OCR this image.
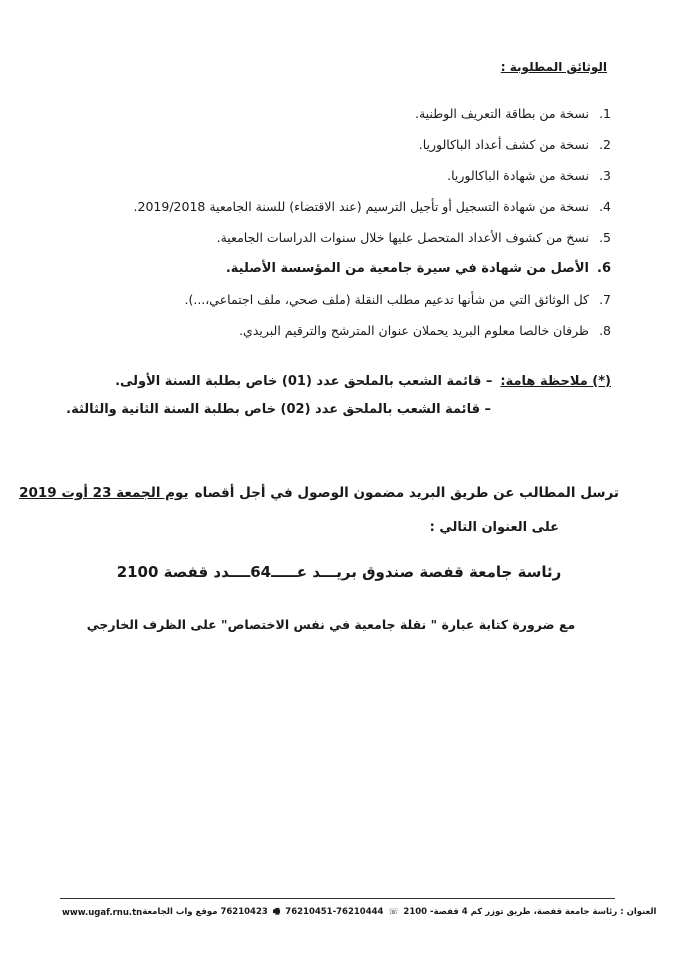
الوثائق المطلوبة :
1.
نسخة من بطاقة التعريف الوطنية.
2.
نسخة من كشف أعداد الباكالوريا.
3.
نسخة من شهادة الباكالوريا.
4.
نسخة من شهادة التسجيل أو تأجيل الترسيم (عند الاقتضاء) للسنة الجامعية 2019/2018.
5.
نسخ من كشوف الأعداد المتحصل عليها خلال سنوات الدراسات الجامعية.
6.
الأصل من شهادة في سيرة جامعية من المؤسسة الأصلية.
7.
كل الوثائق التي من شأنها تدعيم مطلب النقلة (ملف صحي، ملف اجتماعي،...).
8.
ظرفان خالصا معلوم البريد يحملان عنوان المترشح والترقيم البريدي.
(*) ملاحظة هامة:
– قائمة الشعب بالملحق عدد (01) خاص بطلبة السنة الأولى.
– قائمة الشعب بالملحق عدد (02) خاص بطلبة السنة الثانية والثالثة.
ترسل المطالب عن طريق البريد مضمون الوصول في أجل أقصاه
يوم الجمعة 23 أوت 2019
على العنوان التالي :
رئاسة جامعة قفصة صندوق بريـــد عـــــ64ــــدد قفصة 2100
مع ضرورة كتابة عبارة " نقلة جامعية في نفس الاختصاص" على الظرف الخارجي
www.ugaf.rnu.tn	العنوان : رئاسة جامعة قفصة، طريق توزر كم 4 قفصة- 2100 ☏ 76210444-76210451 🖷 76210423 موقع واب الجامعة
